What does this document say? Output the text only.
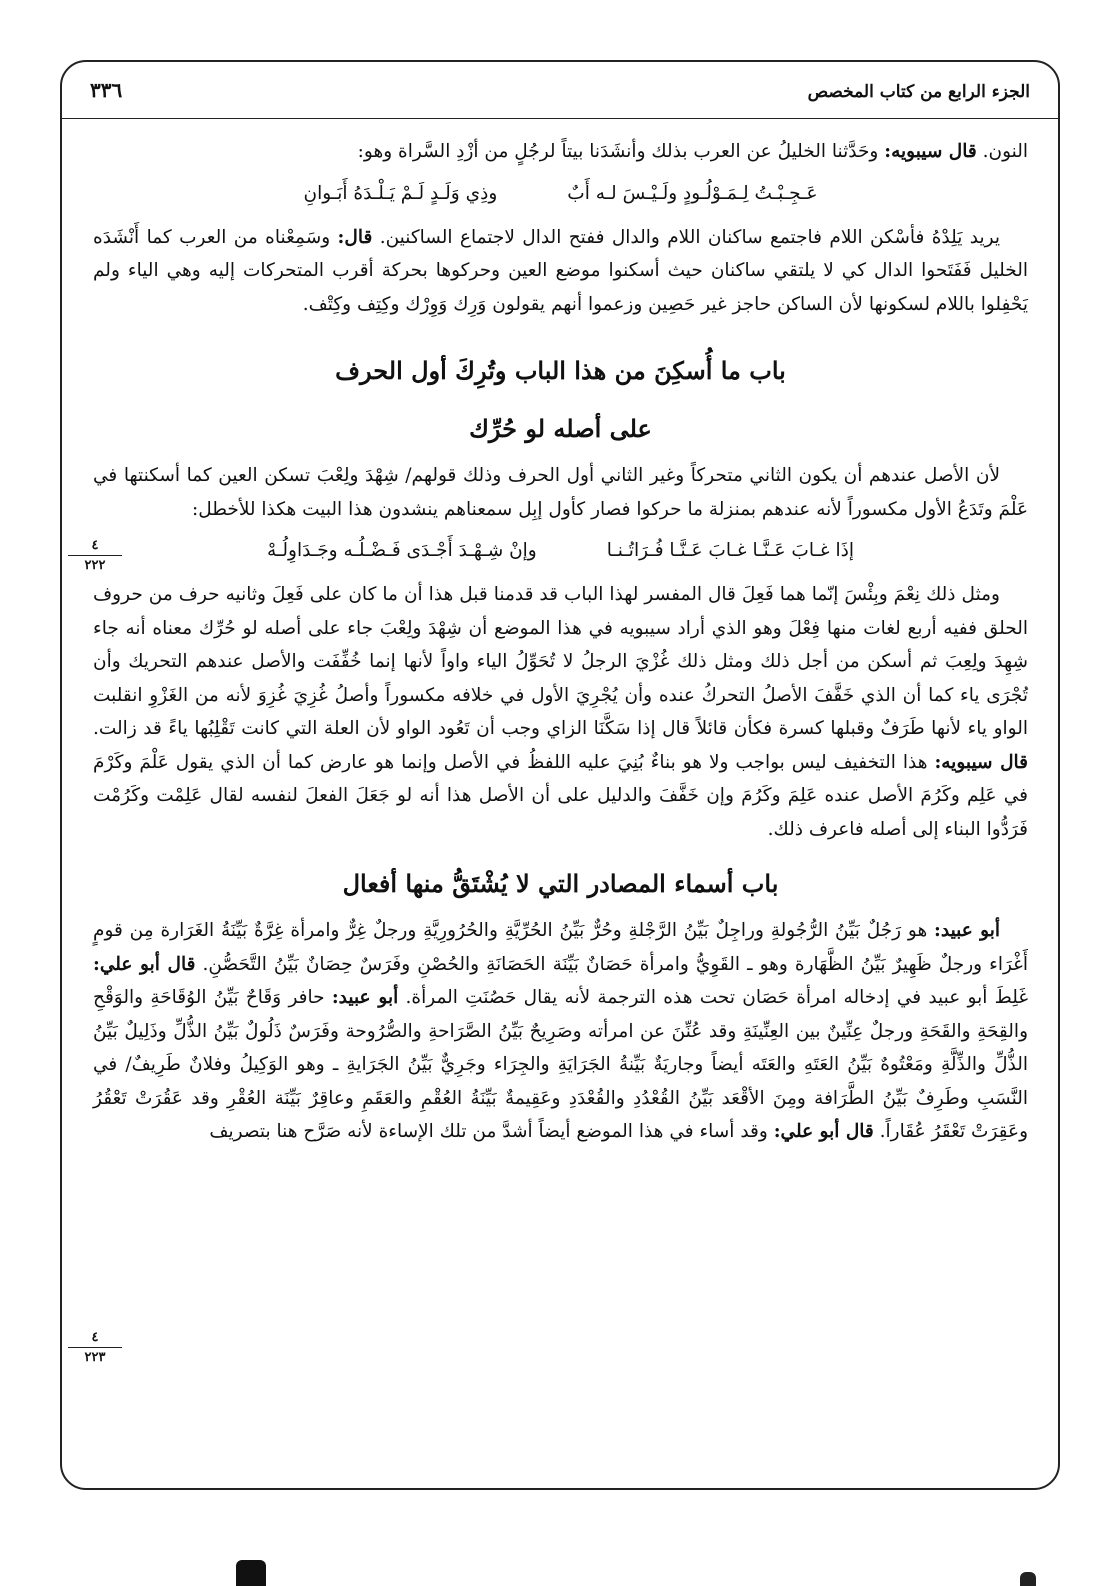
الجزء الرابع من كتاب المخصص
٣٣٦

النون. قال سيبويه: وحَدَّثنا الخليلُ عن العرب بذلك وأنشَدَنا بيتاً لرجُلٍ من أزْدِ السَّراة وهو:

عَـجِـبْـتُ لِـمَـوْلُـودٍ ولَـيْـسَ لـه أَبٌ
وذِي وَلَـدٍ لَـمْ يَـلْـدَهُ أَبَـوانِ

يريد يَلِدْهُ فأسْكن اللام فاجتمع ساكنان اللام والدال ففتح الدال لاجتماع الساكنين. قال: وسَمِعْناه من العرب كما أَنْشَدَه الخليل فَفَتَحوا الدال كي لا يلتقي ساكنان حيث أسكنوا موضع العين وحركوها بحركة أقرب المتحركات إليه وهي الياء ولم يَحْفِلوا باللام لسكونها لأن الساكن حاجز غير حَصِين وزعموا أنهم يقولون وَرِك وَوِرْك وكِتِف وكِتْف.

باب ما أُسكِنَ من هذا الباب وتُرِكَ أول الحرف
على أصله لو حُرِّك

لأن الأصل عندهم أن يكون الثاني متحركاً وغير الثاني أول الحرف وذلك قولهم/ شِهْدَ ولِعْبَ تسكن العين كما أسكنتها في عَلْمَ وتَدَعُ الأول مكسوراً لأنه عندهم بمنزلة ما حركوا فصار كأول إبِل سمعناهم ينشدون هذا البيت هكذا للأخطل:

إذَا غـابَ عَـنَّـا غـابَ عَـنَّـا فُـرَاتُـنـا
وإنْ شِـهْـدَ أَجْـدَى فَـضْـلُـه وجَـدَاوِلُـهْ

ومثل ذلك نِعْمَ وبِئْسَ إنّما هما فَعِلَ قال المفسر لهذا الباب قد قدمنا قبل هذا أن ما كان على فَعِلَ وثانيه حرف من حروف الحلق ففيه أربع لغات منها فِعْلَ وهو الذي أراد سيبويه في هذا الموضع أن شِهْدَ ولِعْبَ جاء على أصله لو حُرِّك معناه أنه جاء شِهِدَ ولِعِبَ ثم أسكن من أجل ذلك ومثل ذلك غُزْيَ الرجلُ لا تُحَوِّلُ الياء واواً لأنها إنما خُفِّفَت والأصل عندهم التحريك وأن تُجْرَى ياء كما أن الذي خَفَّفَ الأصلُ التحركُ عنده وأن يُجْرِيَ الأول في خلافه مكسوراً وأصلُ غُزِيَ غُزِوَ لأنه من الغَزْوِ انقلبت الواو ياء لأنها طَرَفٌ وقبلها كسرة فكأن قائلاً قال إذا سَكَّنَا الزاي وجب أن تَعُود الواو لأن العلة التي كانت تَقْلِبُها ياءً قد زالت. قال سيبويه: هذا التخفيف ليس بواجب ولا هو بناءٌ بُنِيَ عليه اللفظُ في الأصل وإنما هو عارض كما أن الذي يقول عَلْمَ وكَرْمَ في عَلِم وكَرُمَ الأصل عنده عَلِمَ وكَرُمَ وإن خَفَّفَ والدليل على أن الأصل هذا أنه لو جَعَلَ الفعلَ لنفسه لقال عَلِمْت وكَرُمْت فَرَدُّوا البناء إلى أصله فاعرف ذلك.

باب أسماء المصادر التي لا يُشْتَقُّ منها أفعال

أبو عبيد: هو رَجُلٌ بَيِّنُ الرُّجُولةِ وراجِلٌ بَيِّنُ الرَّجْلةِ وحُرٌّ بَيِّنُ الحُرِّيَّةِ والحُرُورِيَّةِ ورجلٌ غِرٌّ وامرأة غِرَّةٌ بَيِّنَةُ الغَرَارة مِن قومٍ أَغْرَاء ورجلٌ ظَهِيرٌ بَيِّنُ الظَّهَارة وهو ـ القَوِيُّ وامرأة حَصَانٌ بَيِّنَة الحَصَانَةِ والحُصْنِ وفَرَسٌ حِصَانٌ بَيِّنُ التَّحَصُّنِ. قال أبو علي: غَلِطَ أبو عبيد في إدخاله امرأة حَصَان تحت هذه الترجمة لأنه يقال حَصُنَتِ المرأة. أبو عبيد: حافر وَقَاحٌ بَيِّنُ الوُقَاحَةِ والوَقْحِ والقِحَةِ والقَحَةِ ورجلٌ عِنِّينٌ بين العِنِّينَةِ وقد عُنِّنَ عن امرأته وصَرِيحٌ بَيِّنُ الصَّرَاحةِ والصُّرُوحة وفَرَسٌ ذَلُولٌ بَيِّنُ الذُّلِّ وذَلِيلٌ بَيِّنُ الذُّلِّ والذِّلَّةِ ومَعْتُوهٌ بَيِّنُ العَتَهِ والعَتَه أيضاً وجاريَةٌ بَيِّنةُ الجَرَايَةِ والجِرَاء وجَرِيٌّ بَيِّنُ الجَرَايةِ ـ وهو الوَكِيلُ وفلانٌ طَرِيفٌ/ في النَّسَبِ وطَرِفٌ بَيِّنُ الطَّرَافة ومِنَ الأقْعَد بَيِّنُ القُعْدُدِ والقُعْدَدِ وعَقِيمةٌ بَيِّنَةُ العُقْمِ والعَقَمِ وعاقِرٌ بَيِّنَة العُقْرِ وقد عَقُرَتْ تَعْقُرُ وعَقِرَتْ تَعْقَرُ عُقَاراً. قال أبو علي: وقد أساء في هذا الموضع أيضاً أشدَّ من تلك الإساءة لأنه صَرَّح هنا بتصريف

٤
٢٢٢
٤
٢٢٣
